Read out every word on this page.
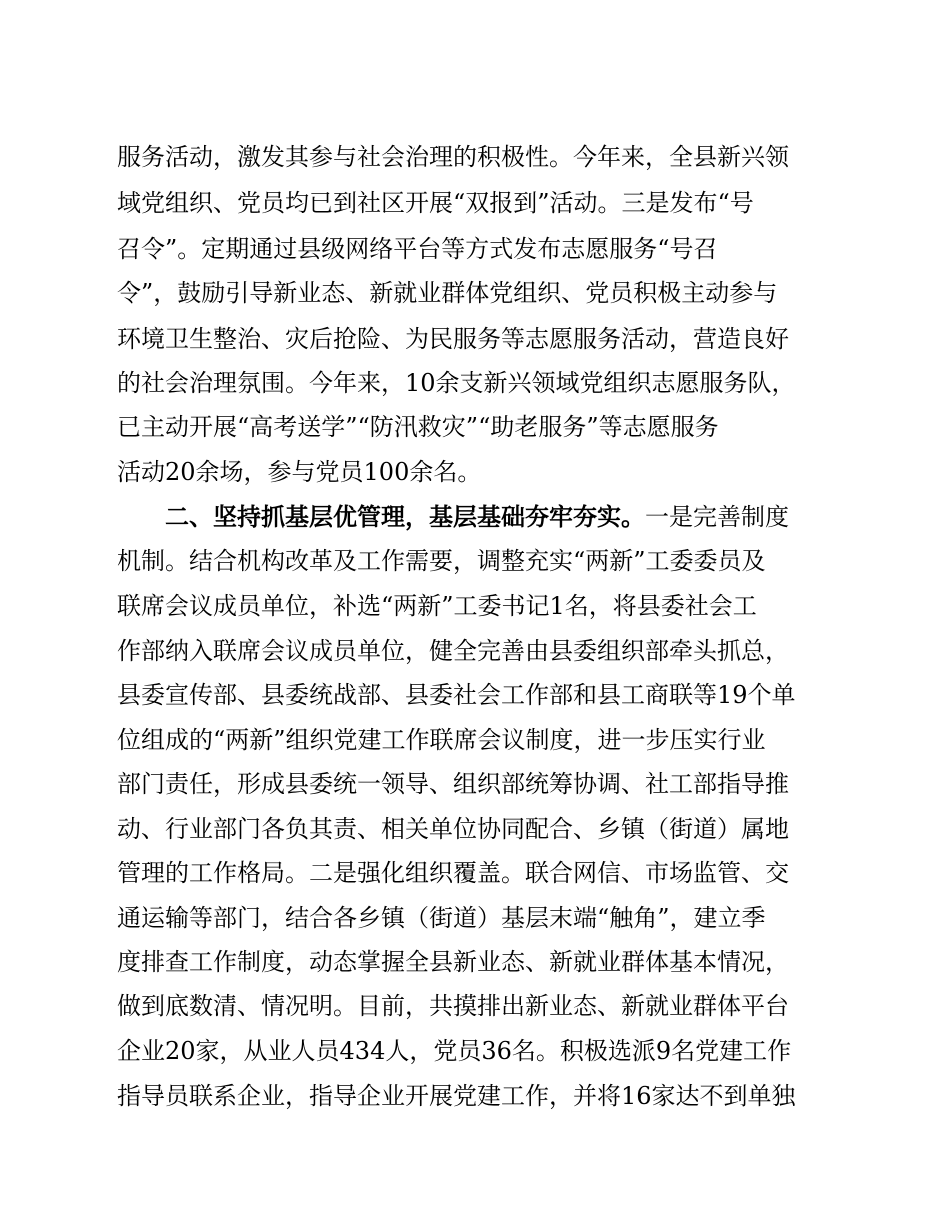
服务活动，激发其参与社会治理的积极性。今年来，全县新兴领

域党组织、党员均已到社区开展“双报到”活动。三是发布“号

召令”。定期通过县级网络平台等方式发布志愿服务“号召

令”，鼓励引导新业态、新就业群体党组织、党员积极主动参与

环境卫生整治、灾后抢险、为民服务等志愿服务活动，营造良好

的社会治理氛围。今年来，10余支新兴领域党组织志愿服务队，

已主动开展“高考送学”“防汛救灾”“助老服务”等志愿服务

活动20余场，参与党员100余名。

二、坚持抓基层优管理，基层基础夯牢夯实。一是完善制度

机制。结合机构改革及工作需要，调整充实“两新”工委委员及

联席会议成员单位，补选“两新”工委书记1名，将县委社会工

作部纳入联席会议成员单位，健全完善由县委组织部牵头抓总，

县委宣传部、县委统战部、县委社会工作部和县工商联等19个单

位组成的“两新”组织党建工作联席会议制度，进一步压实行业

部门责任，形成县委统一领导、组织部统筹协调、社工部指导推

动、行业部门各负其责、相关单位协同配合、乡镇（街道）属地

管理的工作格局。二是强化组织覆盖。联合网信、市场监管、交

通运输等部门，结合各乡镇（街道）基层末端“触角”，建立季

度排查工作制度，动态掌握全县新业态、新就业群体基本情况，

做到底数清、情况明。目前，共摸排出新业态、新就业群体平台

企业20家，从业人员434人，党员36名。积极选派9名党建工作

指导员联系企业，指导企业开展党建工作，并将16家达不到单独
